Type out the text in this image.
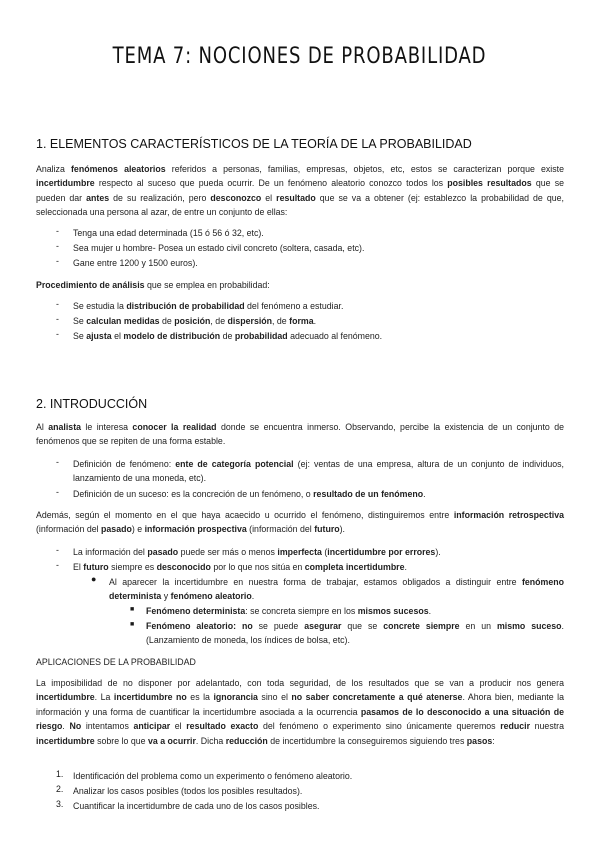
TEMA 7: NOCIONES DE PROBABILIDAD
1. ELEMENTOS CARACTERÍSTICOS DE LA TEORÍA DE LA PROBABILIDAD
Analiza fenómenos aleatorios referidos a personas, familias, empresas, objetos, etc, estos se caracterizan porque existe incertidumbre respecto al suceso que pueda ocurrir. De un fenómeno aleatorio conozco todos los posibles resultados que se pueden dar antes de su realización, pero desconozco el resultado que se va a obtener (ej: establezco la probabilidad de que, seleccionada una persona al azar, de entre un conjunto de ellas:
- Tenga una edad determinada (15 ó 56 ó 32, etc).
- Sea mujer u hombre- Posea un estado civil concreto (soltera, casada, etc).
- Gane entre 1200 y 1500 euros).
Procedimiento de análisis que se emplea en probabilidad:
- Se estudia la distribución de probabilidad del fenómeno a estudiar.
- Se calculan medidas de posición, de dispersión, de forma.
- Se ajusta el modelo de distribución de probabilidad adecuado al fenómeno.
2. INTRODUCCIÓN
Al analista le interesa conocer la realidad donde se encuentra inmerso. Observando, percibe la existencia de un conjunto de fenómenos que se repiten de una forma estable.
- Definición de fenómeno: ente de categoría potencial (ej: ventas de una empresa, altura de un conjunto de individuos, lanzamiento de una moneda, etc).
- Definición de un suceso: es la concreción de un fenómeno, o resultado de un fenómeno.
Además, según el momento en el que haya acaecido u ocurrido el fenómeno, distinguiremos entre información retrospectiva (información del pasado) e información prospectiva (información del futuro).
- La información del pasado puede ser más o menos imperfecta (incertidumbre por errores).
- El futuro siempre es desconocido por lo que nos sitúa en completa incertidumbre.
● Al aparecer la incertidumbre en nuestra forma de trabajar, estamos obligados a distinguir entre fenómeno determinista y fenómeno aleatorio.
■ Fenómeno determinista: se concreta siempre en los mismos sucesos.
■ Fenómeno aleatorio: no se puede asegurar que se concrete siempre en un mismo suceso. (Lanzamiento de moneda, los índices de bolsa, etc).
APLICACIONES DE LA PROBABILIDAD
La imposibilidad de no disponer por adelantado, con toda seguridad, de los resultados que se van a producir nos genera incertidumbre. La incertidumbre no es la ignorancia sino el no saber concretamente a qué atenerse. Ahora bien, mediante la información y una forma de cuantificar la incertidumbre asociada a la ocurrencia pasamos de lo desconocido a una situación de riesgo. No intentamos anticipar el resultado exacto del fenómeno o experimento sino únicamente queremos reducir nuestra incertidumbre sobre lo que va a ocurrir. Dicha reducción de incertidumbre la conseguiremos siguiendo tres pasos:
1. Identificación del problema como un experimento o fenómeno aleatorio.
2. Analizar los casos posibles (todos los posibles resultados).
3. Cuantificar la incertidumbre de cada uno de los casos posibles.
